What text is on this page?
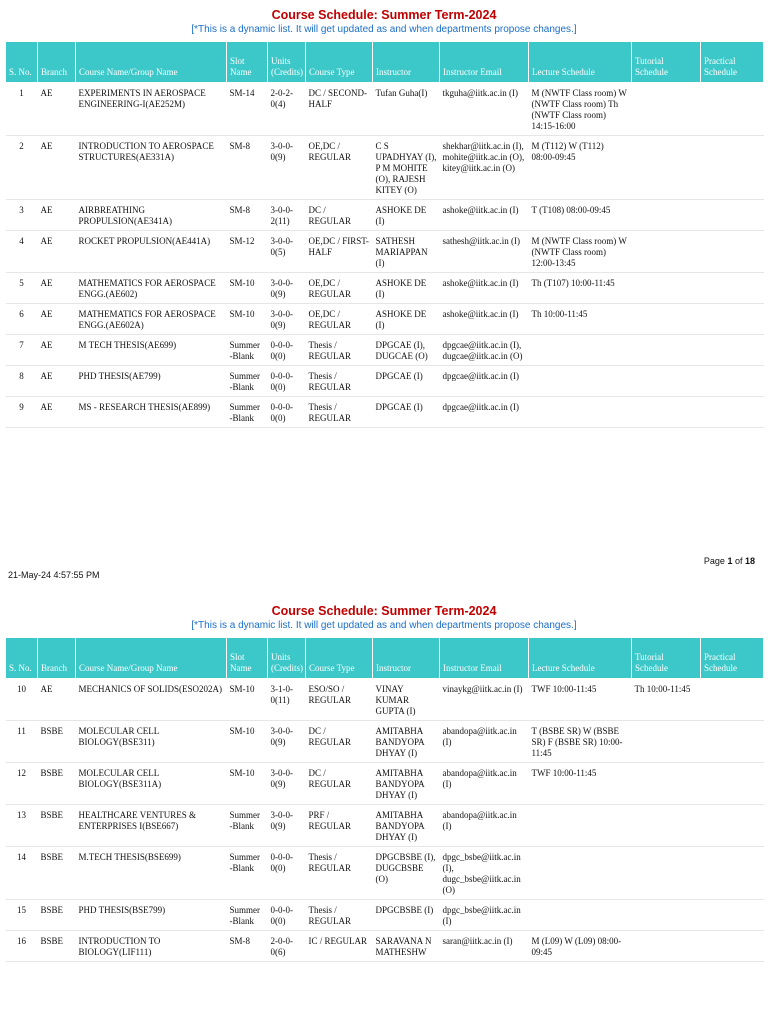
Course Schedule: Summer Term-2024
[*This is a dynamic list. It will get updated as and when departments propose changes.]
S. No.	Branch	Course Name/Group Name	Slot Name	Units (Credits)	Course Type	Instructor	Instructor Email	Lecture Schedule	Tutorial Schedule	Practical Schedule
1	AE	EXPERIMENTS IN AEROSPACE ENGINEERING-I(AE252M)	SM-14	2-0-2-0(4)	DC / SECOND-HALF	Tufan Guha(I)	tkguha@iitk.ac.in (I)	M (NWTF Class room) W (NWTF Class room) Th (NWTF Class room) 14:15-16:00		
2	AE	INTRODUCTION TO AEROSPACE STRUCTURES(AE331A)	SM-8	3-0-0-0(9)	OE,DC / REGULAR	C S UPADHYAY (I), P M MOHITE (O), RAJESH KITEY (O)	shekhar@iitk.ac.in (I), mohite@iitk.ac.in (O), kitey@iitk.ac.in (O)	M (T112) W (T112) 08:00-09:45		
3	AE	AIRBREATHING PROPULSION(AE341A)	SM-8	3-0-0-2(11)	DC / REGULAR	ASHOKE DE (I)	ashoke@iitk.ac.in (I)	T (T108) 08:00-09:45		
4	AE	ROCKET PROPULSION(AE441A)	SM-12	3-0-0-0(5)	OE,DC / FIRST-HALF	SATHESH MARIAPPAN (I)	sathesh@iitk.ac.in (I)	M (NWTF Class room) W (NWTF Class room) 12:00-13:45		
5	AE	MATHEMATICS FOR AEROSPACE ENGG.(AE602)	SM-10	3-0-0-0(9)	OE,DC / REGULAR	ASHOKE DE (I)	ashoke@iitk.ac.in (I)	Th (T107) 10:00-11:45		
6	AE	MATHEMATICS FOR AEROSPACE ENGG.(AE602A)	SM-10	3-0-0-0(9)	OE,DC / REGULAR	ASHOKE DE (I)	ashoke@iitk.ac.in (I)	Th 10:00-11:45		
7	AE	M TECH THESIS(AE699)	Summer -Blank	0-0-0-0(0)	Thesis / REGULAR	DPGCAE (I), DUGCAE (O)	dpgcae@iitk.ac.in (I), dugcae@iitk.ac.in (O)			
8	AE	PHD THESIS(AE799)	Summer -Blank	0-0-0-0(0)	Thesis / REGULAR	DPGCAE (I)	dpgcae@iitk.ac.in (I)			
9	AE	MS - RESEARCH THESIS(AE899)	Summer -Blank	0-0-0-0(0)	Thesis / REGULAR	DPGCAE (I)	dpgcae@iitk.ac.in (I)			
Page 1 of 18
21-May-24 4:57:55 PM
Course Schedule: Summer Term-2024
[*This is a dynamic list. It will get updated as and when departments propose changes.]
S. No.	Branch	Course Name/Group Name	Slot Name	Units (Credits)	Course Type	Instructor	Instructor Email	Lecture Schedule	Tutorial Schedule	Practical Schedule
10	AE	MECHANICS OF SOLIDS(ESO202A)	SM-10	3-1-0-0(11)	ESO/SO / REGULAR	VINAY KUMAR GUPTA (I)	vinaykg@iitk.ac.in (I)	TWF 10:00-11:45	Th 10:00-11:45	
11	BSBE	MOLECULAR CELL BIOLOGY(BSE311)	SM-10	3-0-0-0(9)	DC / REGULAR	AMITABHA BANDYOPA DHYAY (I)	abandopa@iitk.ac.in (I)	T (BSBE SR) W (BSBE SR) F (BSBE SR) 10:00-11:45		
12	BSBE	MOLECULAR CELL BIOLOGY(BSE311A)	SM-10	3-0-0-0(9)	DC / REGULAR	AMITABHA BANDYOPA DHYAY (I)	abandopa@iitk.ac.in (I)	TWF 10:00-11:45		
13	BSBE	HEALTHCARE VENTURES & ENTERPRISES I(BSE667)	Summer -Blank	3-0-0-0(9)	PRF / REGULAR	AMITABHA BANDYOPA DHYAY (I)	abandopa@iitk.ac.in (I)			
14	BSBE	M.TECH THESIS(BSE699)	Summer -Blank	0-0-0-0(0)	Thesis / REGULAR	DPGCBSBE (I), DUGCBSBE (O)	dpgc_bsbe@iitk.ac.in (I), dugc_bsbe@iitk.ac.in (O)			
15	BSBE	PHD THESIS(BSE799)	Summer -Blank	0-0-0-0(0)	Thesis / REGULAR	DPGCBSBE (I)	dpgc_bsbe@iitk.ac.in (I)			
16	BSBE	INTRODUCTION TO BIOLOGY(LIF111)	SM-8	2-0-0-0(6)	IC / REGULAR	SARAVANA N MATHESHW	saran@iitk.ac.in (I)	M (L09) W (L09) 08:00-09:45		
